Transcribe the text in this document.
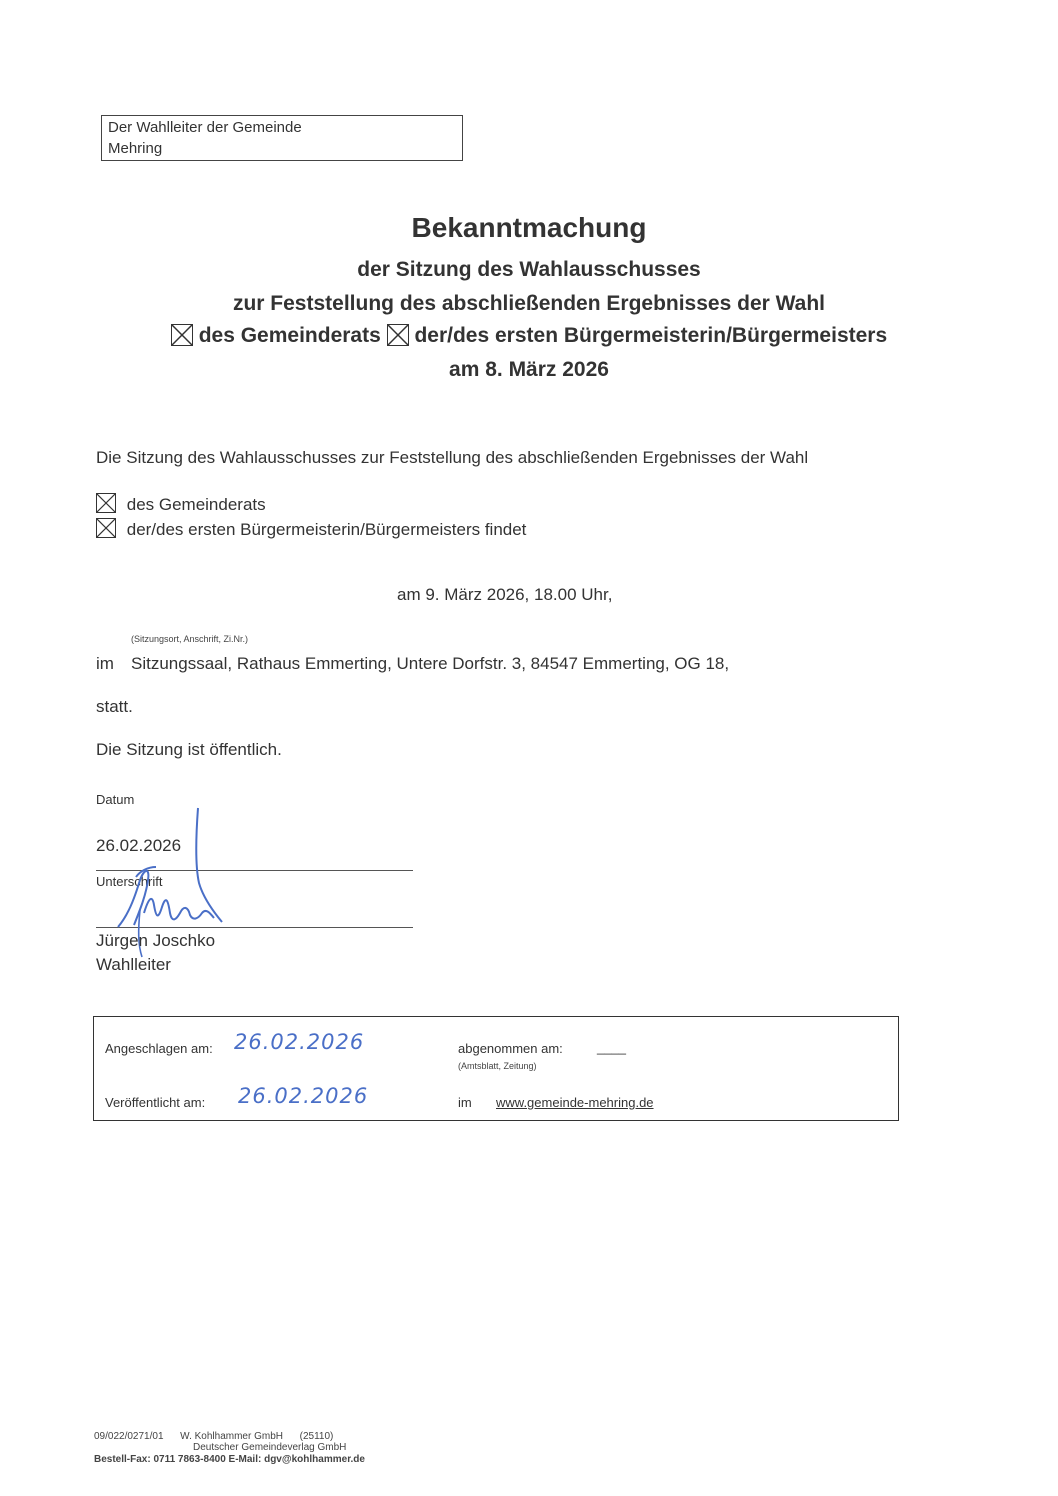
Der Wahlleiter der Gemeinde
Mehring
Bekanntmachung
der Sitzung des Wahlausschusses
zur Feststellung des abschließenden Ergebnisses der Wahl
des Gemeinderats der/des ersten Bürgermeisterin/Bürgermeisters
am 8. März 2026
Die Sitzung des Wahlausschusses zur Feststellung des abschließenden Ergebnisses der Wahl
des Gemeinderats
der/des ersten Bürgermeisterin/Bürgermeisters findet
am 9. März 2026, 18.00 Uhr,
(Sitzungsort, Anschrift, Zi.Nr.)
im Sitzungssaal, Rathaus Emmerting, Untere Dorfstr. 3, 84547 Emmerting, OG 18,
statt.
Die Sitzung ist öffentlich.
Datum
26.02.2026
Unterschrift
Jürgen Joschko
Wahlleiter
Angeschlagen am: 26.02.2026	abgenommen am:	____
(Amtsblatt, Zeitung)
Veröffentlicht am: 26.02.2026	im www.gemeinde-mehring.de
09/022/0271/01      W. Kohlhammer GmbH      (25110)
Deutscher Gemeindeverlag GmbH
Bestell-Fax: 0711 7863-8400 E-Mail: dgv@kohlhammer.de
